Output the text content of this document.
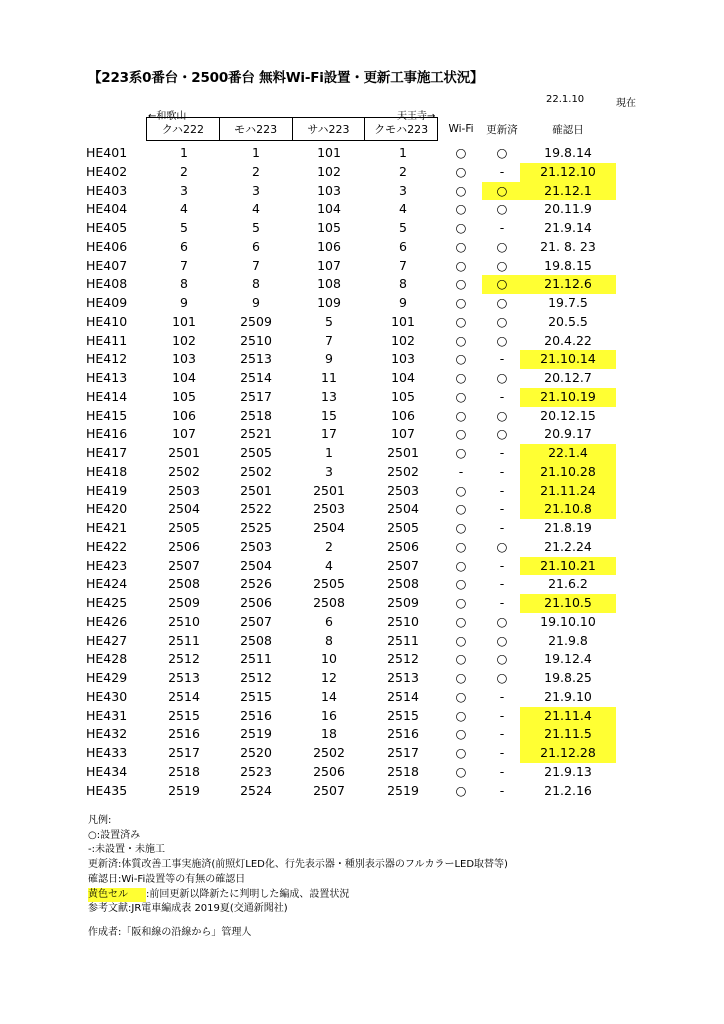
【223系0番台・2500番台 無料Wi-Fi設置・更新工事施工状況】
22.1.10	現在
←和歌山	天王寺→
クハ222	モハ223	サハ223	クモハ223	Wi-Fi	更新済	確認日
HE401	1	1	101	1	○	○	19.8.14
HE402	2	2	102	2	○	-	21.12.10
HE403	3	3	103	3	○	○	21.12.1
HE404	4	4	104	4	○	○	20.11.9
HE405	5	5	105	5	○	-	21.9.14
HE406	6	6	106	6	○	○	21. 8. 23
HE407	7	7	107	7	○	○	19.8.15
HE408	8	8	108	8	○	○	21.12.6
HE409	9	9	109	9	○	○	19.7.5
HE410	101	2509	5	101	○	○	20.5.5
HE411	102	2510	7	102	○	○	20.4.22
HE412	103	2513	9	103	○	-	21.10.14
HE413	104	2514	11	104	○	○	20.12.7
HE414	105	2517	13	105	○	-	21.10.19
HE415	106	2518	15	106	○	○	20.12.15
HE416	107	2521	17	107	○	○	20.9.17
HE417	2501	2505	1	2501	○	-	22.1.4
HE418	2502	2502	3	2502	-	-	21.10.28
HE419	2503	2501	2501	2503	○	-	21.11.24
HE420	2504	2522	2503	2504	○	-	21.10.8
HE421	2505	2525	2504	2505	○	-	21.8.19
HE422	2506	2503	2	2506	○	○	21.2.24
HE423	2507	2504	4	2507	○	-	21.10.21
HE424	2508	2526	2505	2508	○	-	21.6.2
HE425	2509	2506	2508	2509	○	-	21.10.5
HE426	2510	2507	6	2510	○	○	19.10.10
HE427	2511	2508	8	2511	○	○	21.9.8
HE428	2512	2511	10	2512	○	○	19.12.4
HE429	2513	2512	12	2513	○	○	19.8.25
HE430	2514	2515	14	2514	○	-	21.9.10
HE431	2515	2516	16	2515	○	-	21.11.4
HE432	2516	2519	18	2516	○	-	21.11.5
HE433	2517	2520	2502	2517	○	-	21.12.28
HE434	2518	2523	2506	2518	○	-	21.9.13
HE435	2519	2524	2507	2519	○	-	21.2.16
凡例:
○:設置済み
-:未設置・未施工
更新済:体質改善工事実施済(前照灯LED化、行先表示器・種別表示器のフルカラーLED取替等)
確認日:Wi-Fi設置等の有無の確認日
黄色セル :前回更新以降新たに判明した編成、設置状況
参考文献:JR電車編成表 2019夏(交通新聞社)
作成者:「阪和線の沿線から」管理人
